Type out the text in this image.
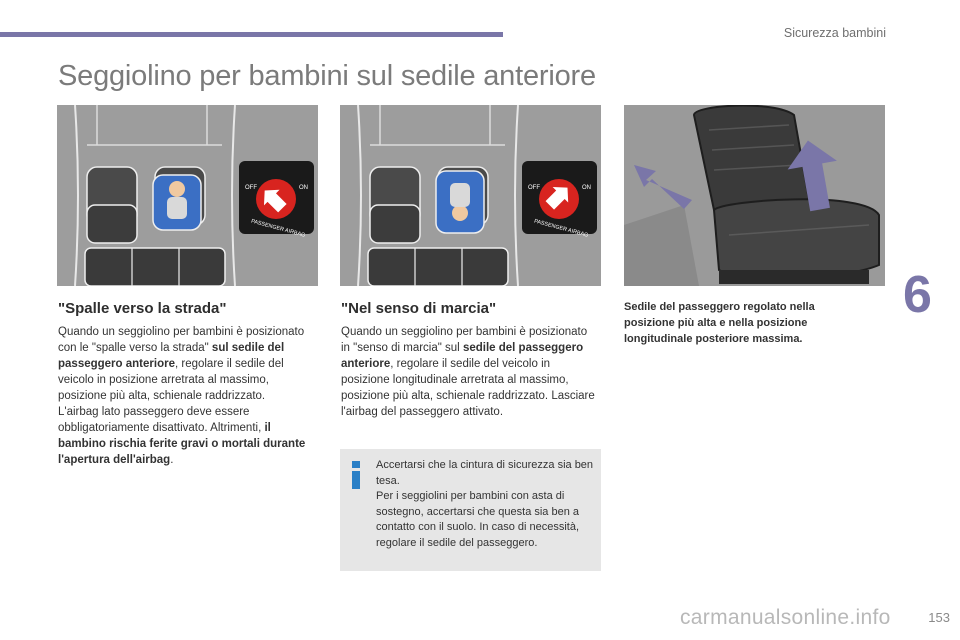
Sicurezza bambini
Seggiolino per bambini sul sedile anteriore
6
OFF	ON
PASSENGER AIRBAG
OFF	ON
PASSENGER AIRBAG
"Spalle verso la strada"
Quando un seggiolino per bambini è posizionato con le "spalle verso la strada" sul sedile del passeggero anteriore, regolare il sedile del veicolo in posizione arretrata al massimo, posizione più alta, schienale raddrizzato.
L'airbag lato passeggero deve essere obbligatoriamente disattivato. Altrimenti, il bambino rischia ferite gravi o mortali durante l'apertura dell'airbag.
"Nel senso di marcia"
Quando un seggiolino per bambini è posizionato in "senso di marcia" sul sedile del passeggero anteriore, regolare il sedile del veicolo in posizione longitudinale arretrata al massimo, posizione più alta, schienale raddrizzato. Lasciare l'airbag del passeggero attivato.
Sedile del passeggero regolato nella posizione più alta e nella posizione longitudinale posteriore massima.
Accertarsi che la cintura di sicurezza sia ben tesa.
Per i seggiolini per bambini con asta di sostegno, accertarsi che questa sia ben a contatto con il suolo. In caso di necessità, regolare il sedile del passeggero.
carmanualsonline.info	153
